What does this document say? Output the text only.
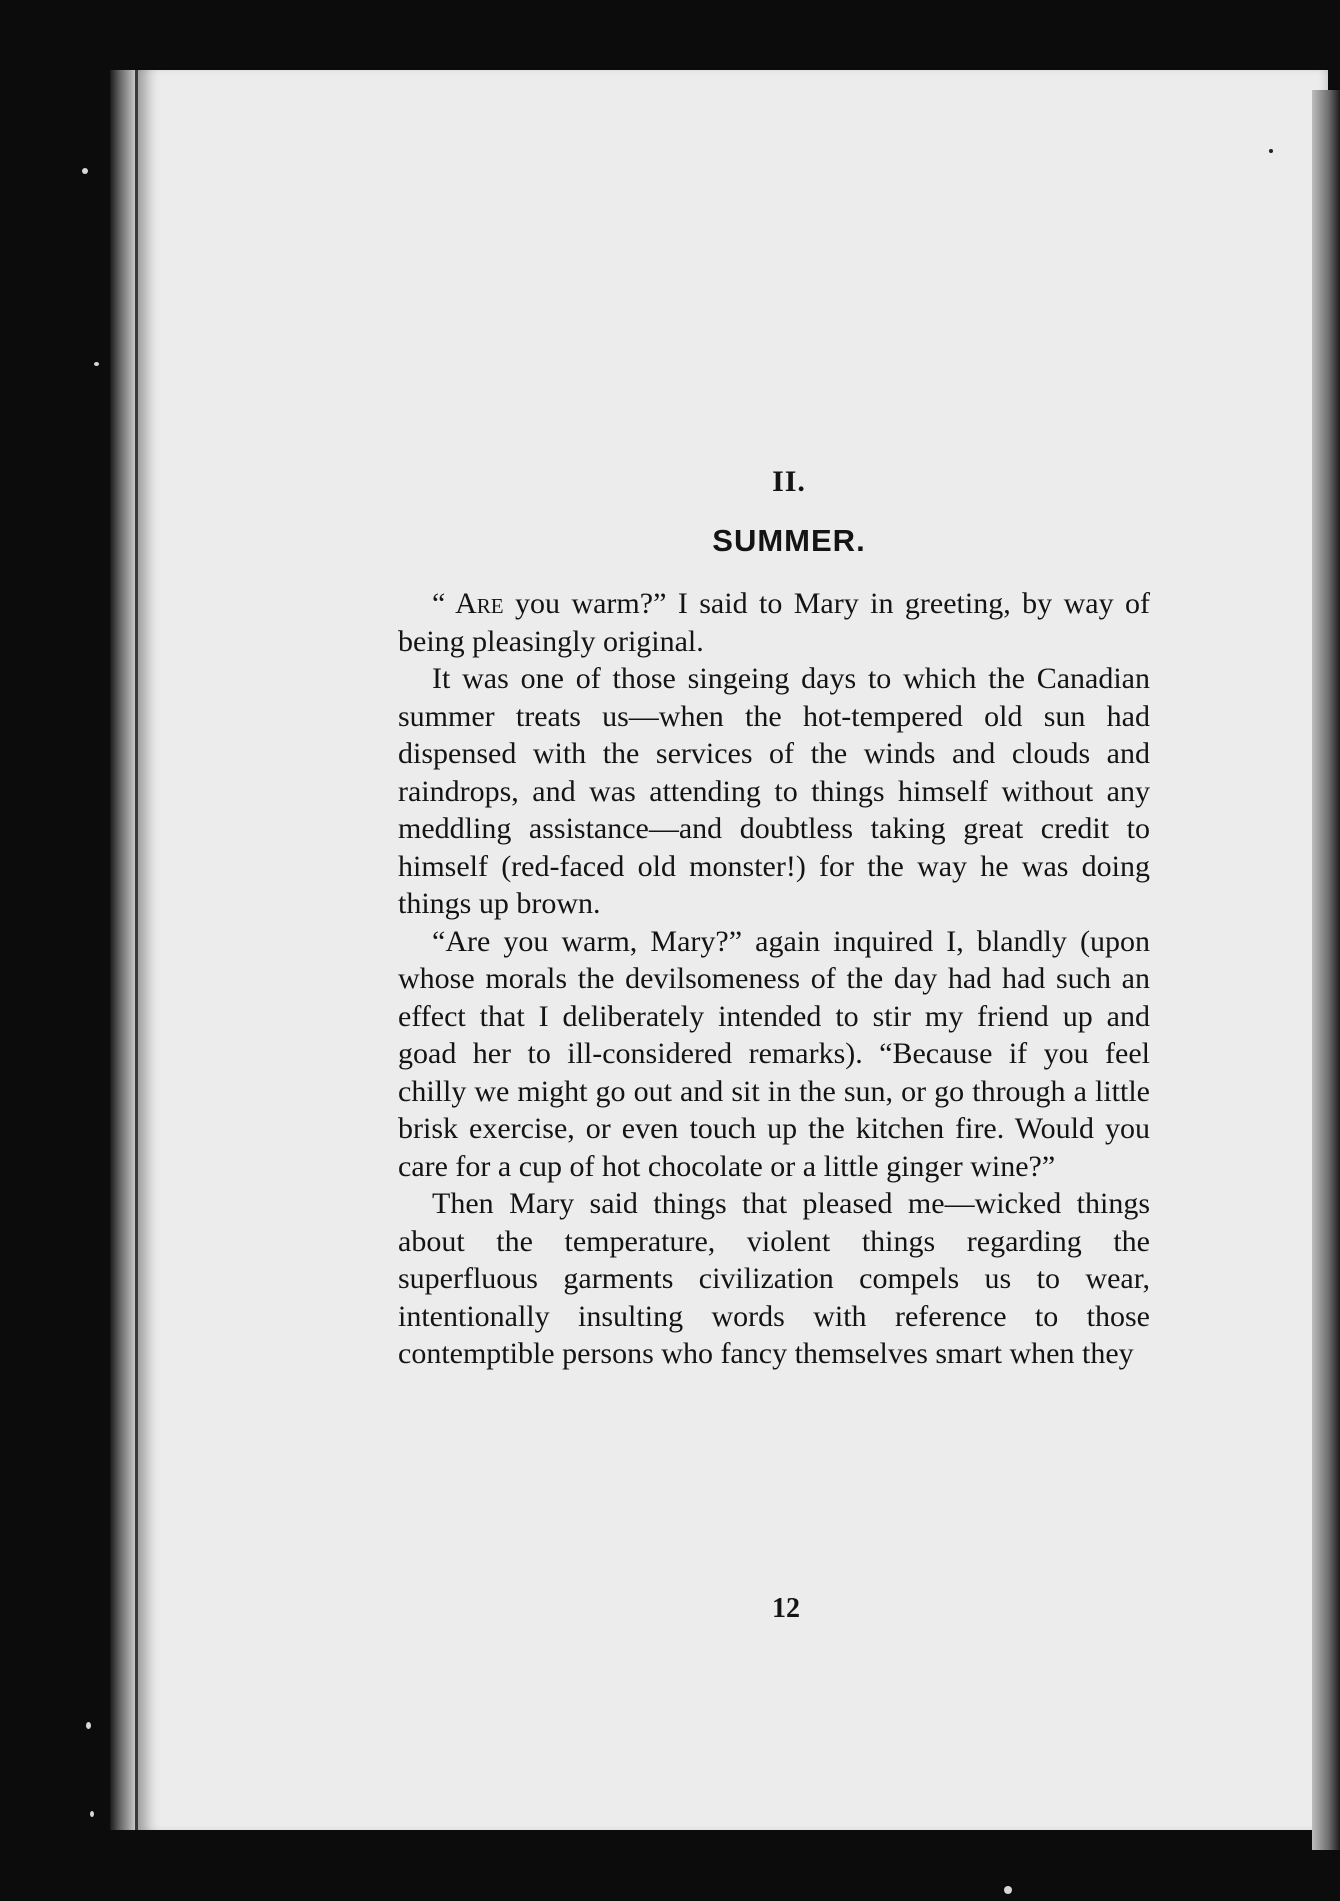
II.
SUMMER.

“ Are you warm?” I said to Mary in greeting, by way of being pleasingly original.

It was one of those singeing days to which the Canadian summer treats us—when the hot-tempered old sun had dispensed with the services of the winds and clouds and raindrops, and was attending to things himself without any meddling assistance—and doubtless taking great credit to himself (red-faced old monster!) for the way he was doing things up brown.

“Are you warm, Mary?” again inquired I, blandly (upon whose morals the devilsomeness of the day had had such an effect that I deliberately intended to stir my friend up and goad her to ill-considered remarks). “Because if you feel chilly we might go out and sit in the sun, or go through a little brisk exercise, or even touch up the kitchen fire. Would you care for a cup of hot chocolate or a little ginger wine?”

Then Mary said things that pleased me—wicked things about the temperature, violent things regarding the superfluous garments civilization compels us to wear, intentionally insulting words with reference to those contemptible persons who fancy themselves smart when they

12
